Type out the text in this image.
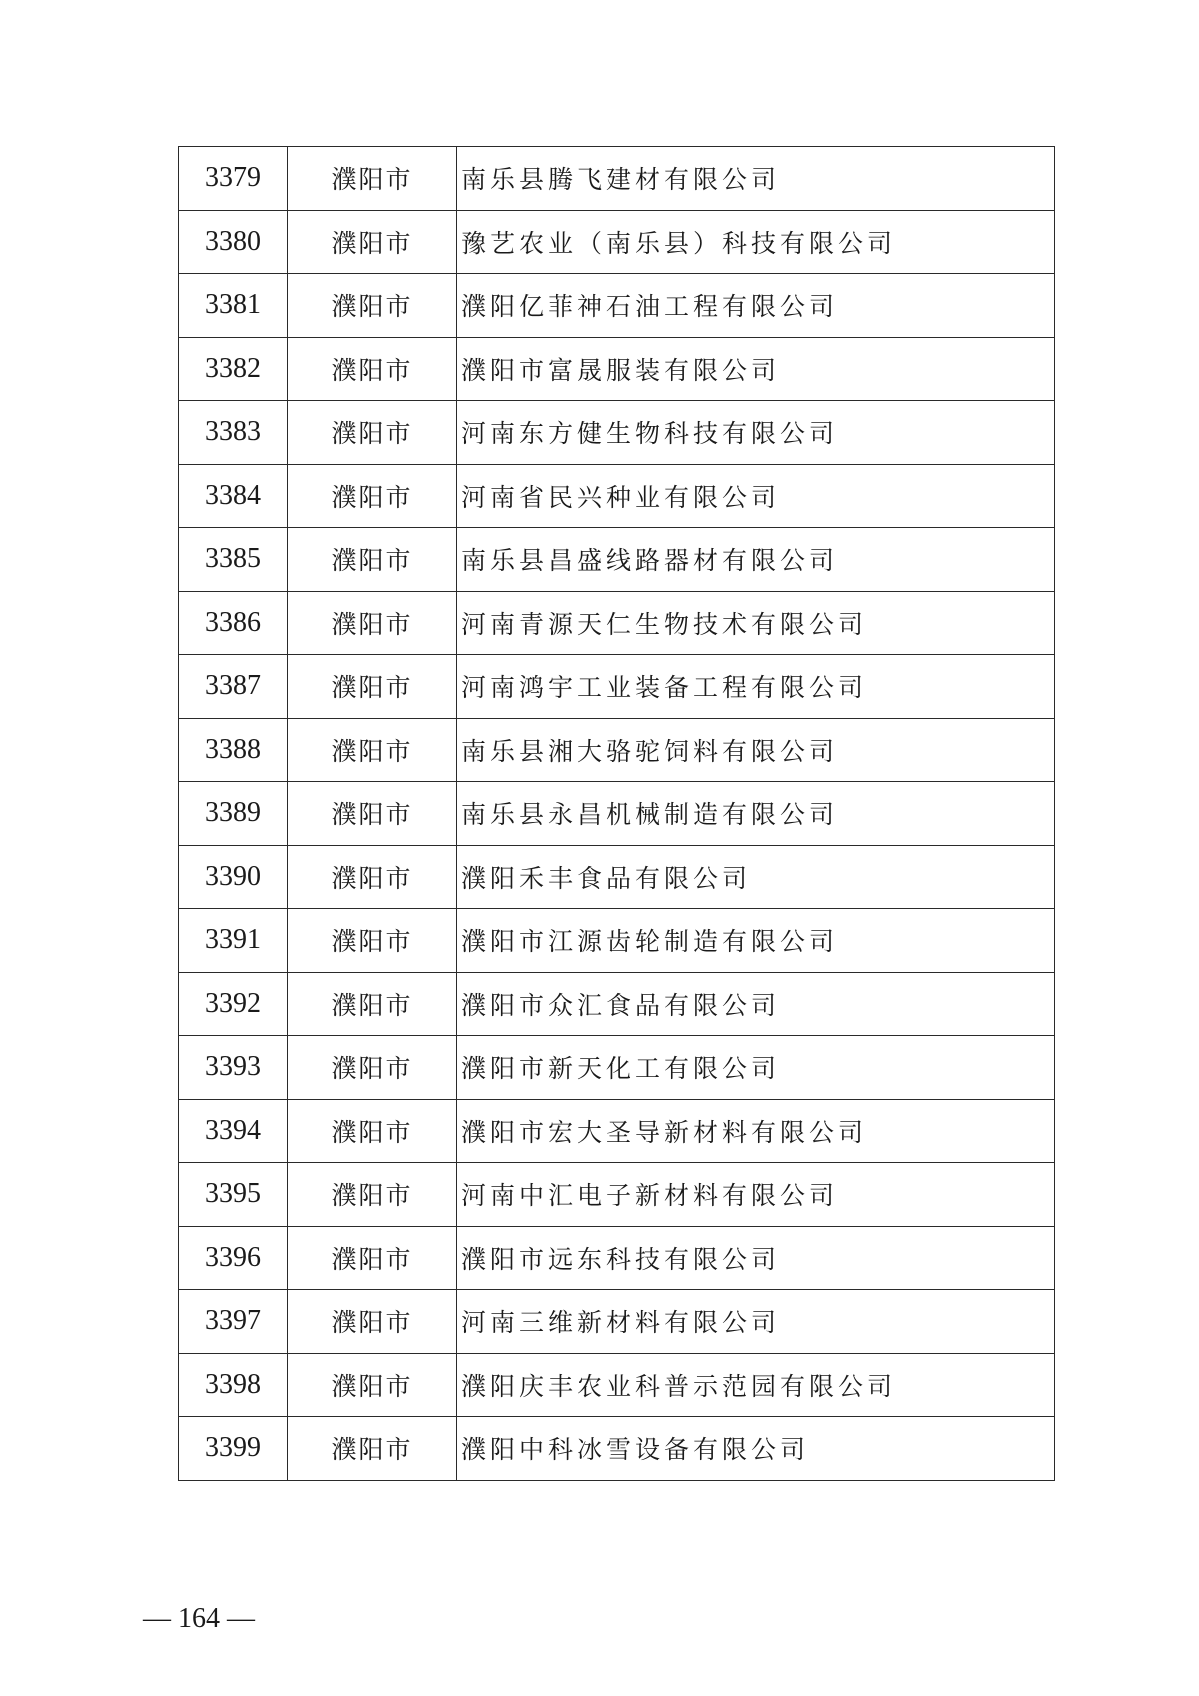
3379	濮阳市	南乐县腾飞建材有限公司
3380	濮阳市	豫艺农业（南乐县）科技有限公司
3381	濮阳市	濮阳亿菲神石油工程有限公司
3382	濮阳市	濮阳市富晟服装有限公司
3383	濮阳市	河南东方健生物科技有限公司
3384	濮阳市	河南省民兴种业有限公司
3385	濮阳市	南乐县昌盛线路器材有限公司
3386	濮阳市	河南青源天仁生物技术有限公司
3387	濮阳市	河南鸿宇工业装备工程有限公司
3388	濮阳市	南乐县湘大骆驼饲料有限公司
3389	濮阳市	南乐县永昌机械制造有限公司
3390	濮阳市	濮阳禾丰食品有限公司
3391	濮阳市	濮阳市江源齿轮制造有限公司
3392	濮阳市	濮阳市众汇食品有限公司
3393	濮阳市	濮阳市新天化工有限公司
3394	濮阳市	濮阳市宏大圣导新材料有限公司
3395	濮阳市	河南中汇电子新材料有限公司
3396	濮阳市	濮阳市远东科技有限公司
3397	濮阳市	河南三维新材料有限公司
3398	濮阳市	濮阳庆丰农业科普示范园有限公司
3399	濮阳市	濮阳中科冰雪设备有限公司
— 164 —
